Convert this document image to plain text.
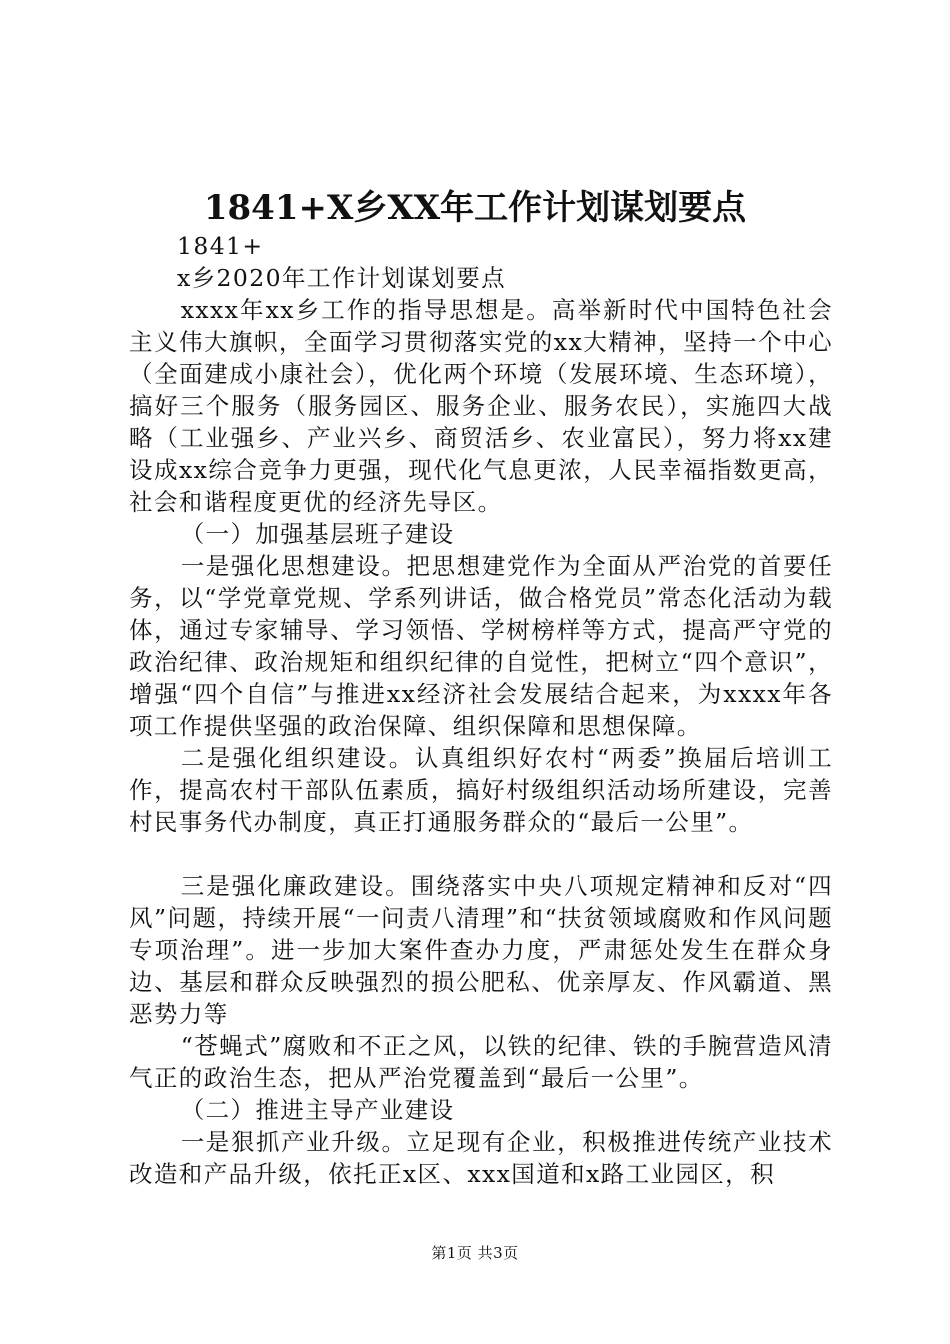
1841+X乡XX年工作计划谋划要点

1841+

x乡2020年工作计划谋划要点

xxxx年xx乡工作的指导思想是。高举新时代中国特色社会主义伟大旗帜，全面学习贯彻落实党的xx大精神，坚持一个中心（全面建成小康社会），优化两个环境（发展环境、生态环境），搞好三个服务（服务园区、服务企业、服务农民），实施四大战略（工业强乡、产业兴乡、商贸活乡、农业富民），努力将xx建设成xx综合竞争力更强，现代化气息更浓，人民幸福指数更高，社会和谐程度更优的经济先导区。

（一）加强基层班子建设

一是强化思想建设。把思想建党作为全面从严治党的首要任务，以“学党章党规、学系列讲话，做合格党员”常态化活动为载体，通过专家辅导、学习领悟、学树榜样等方式，提高严守党的政治纪律、政治规矩和组织纪律的自觉性，把树立“四个意识”，增强“四个自信”与推进xx经济社会发展结合起来，为xxxx年各项工作提供坚强的政治保障、组织保障和思想保障。

二是强化组织建设。认真组织好农村“两委”换届后培训工作，提高农村干部队伍素质，搞好村级组织活动场所建设，完善村民事务代办制度，真正打通服务群众的“最后一公里”。

三是强化廉政建设。围绕落实中央八项规定精神和反对“四风”问题，持续开展“一问责八清理”和“扶贫领域腐败和作风问题专项治理”。进一步加大案件查办力度，严肃惩处发生在群众身边、基层和群众反映强烈的损公肥私、优亲厚友、作风霸道、黑恶势力等

“苍蝇式”腐败和不正之风，以铁的纪律、铁的手腕营造风清气正的政治生态，把从严治党覆盖到“最后一公里”。

（二）推进主导产业建设

一是狠抓产业升级。立足现有企业，积极推进传统产业技术改造和产品升级，依托正x区、xxx国道和x路工业园区，积

第1页 共3页
